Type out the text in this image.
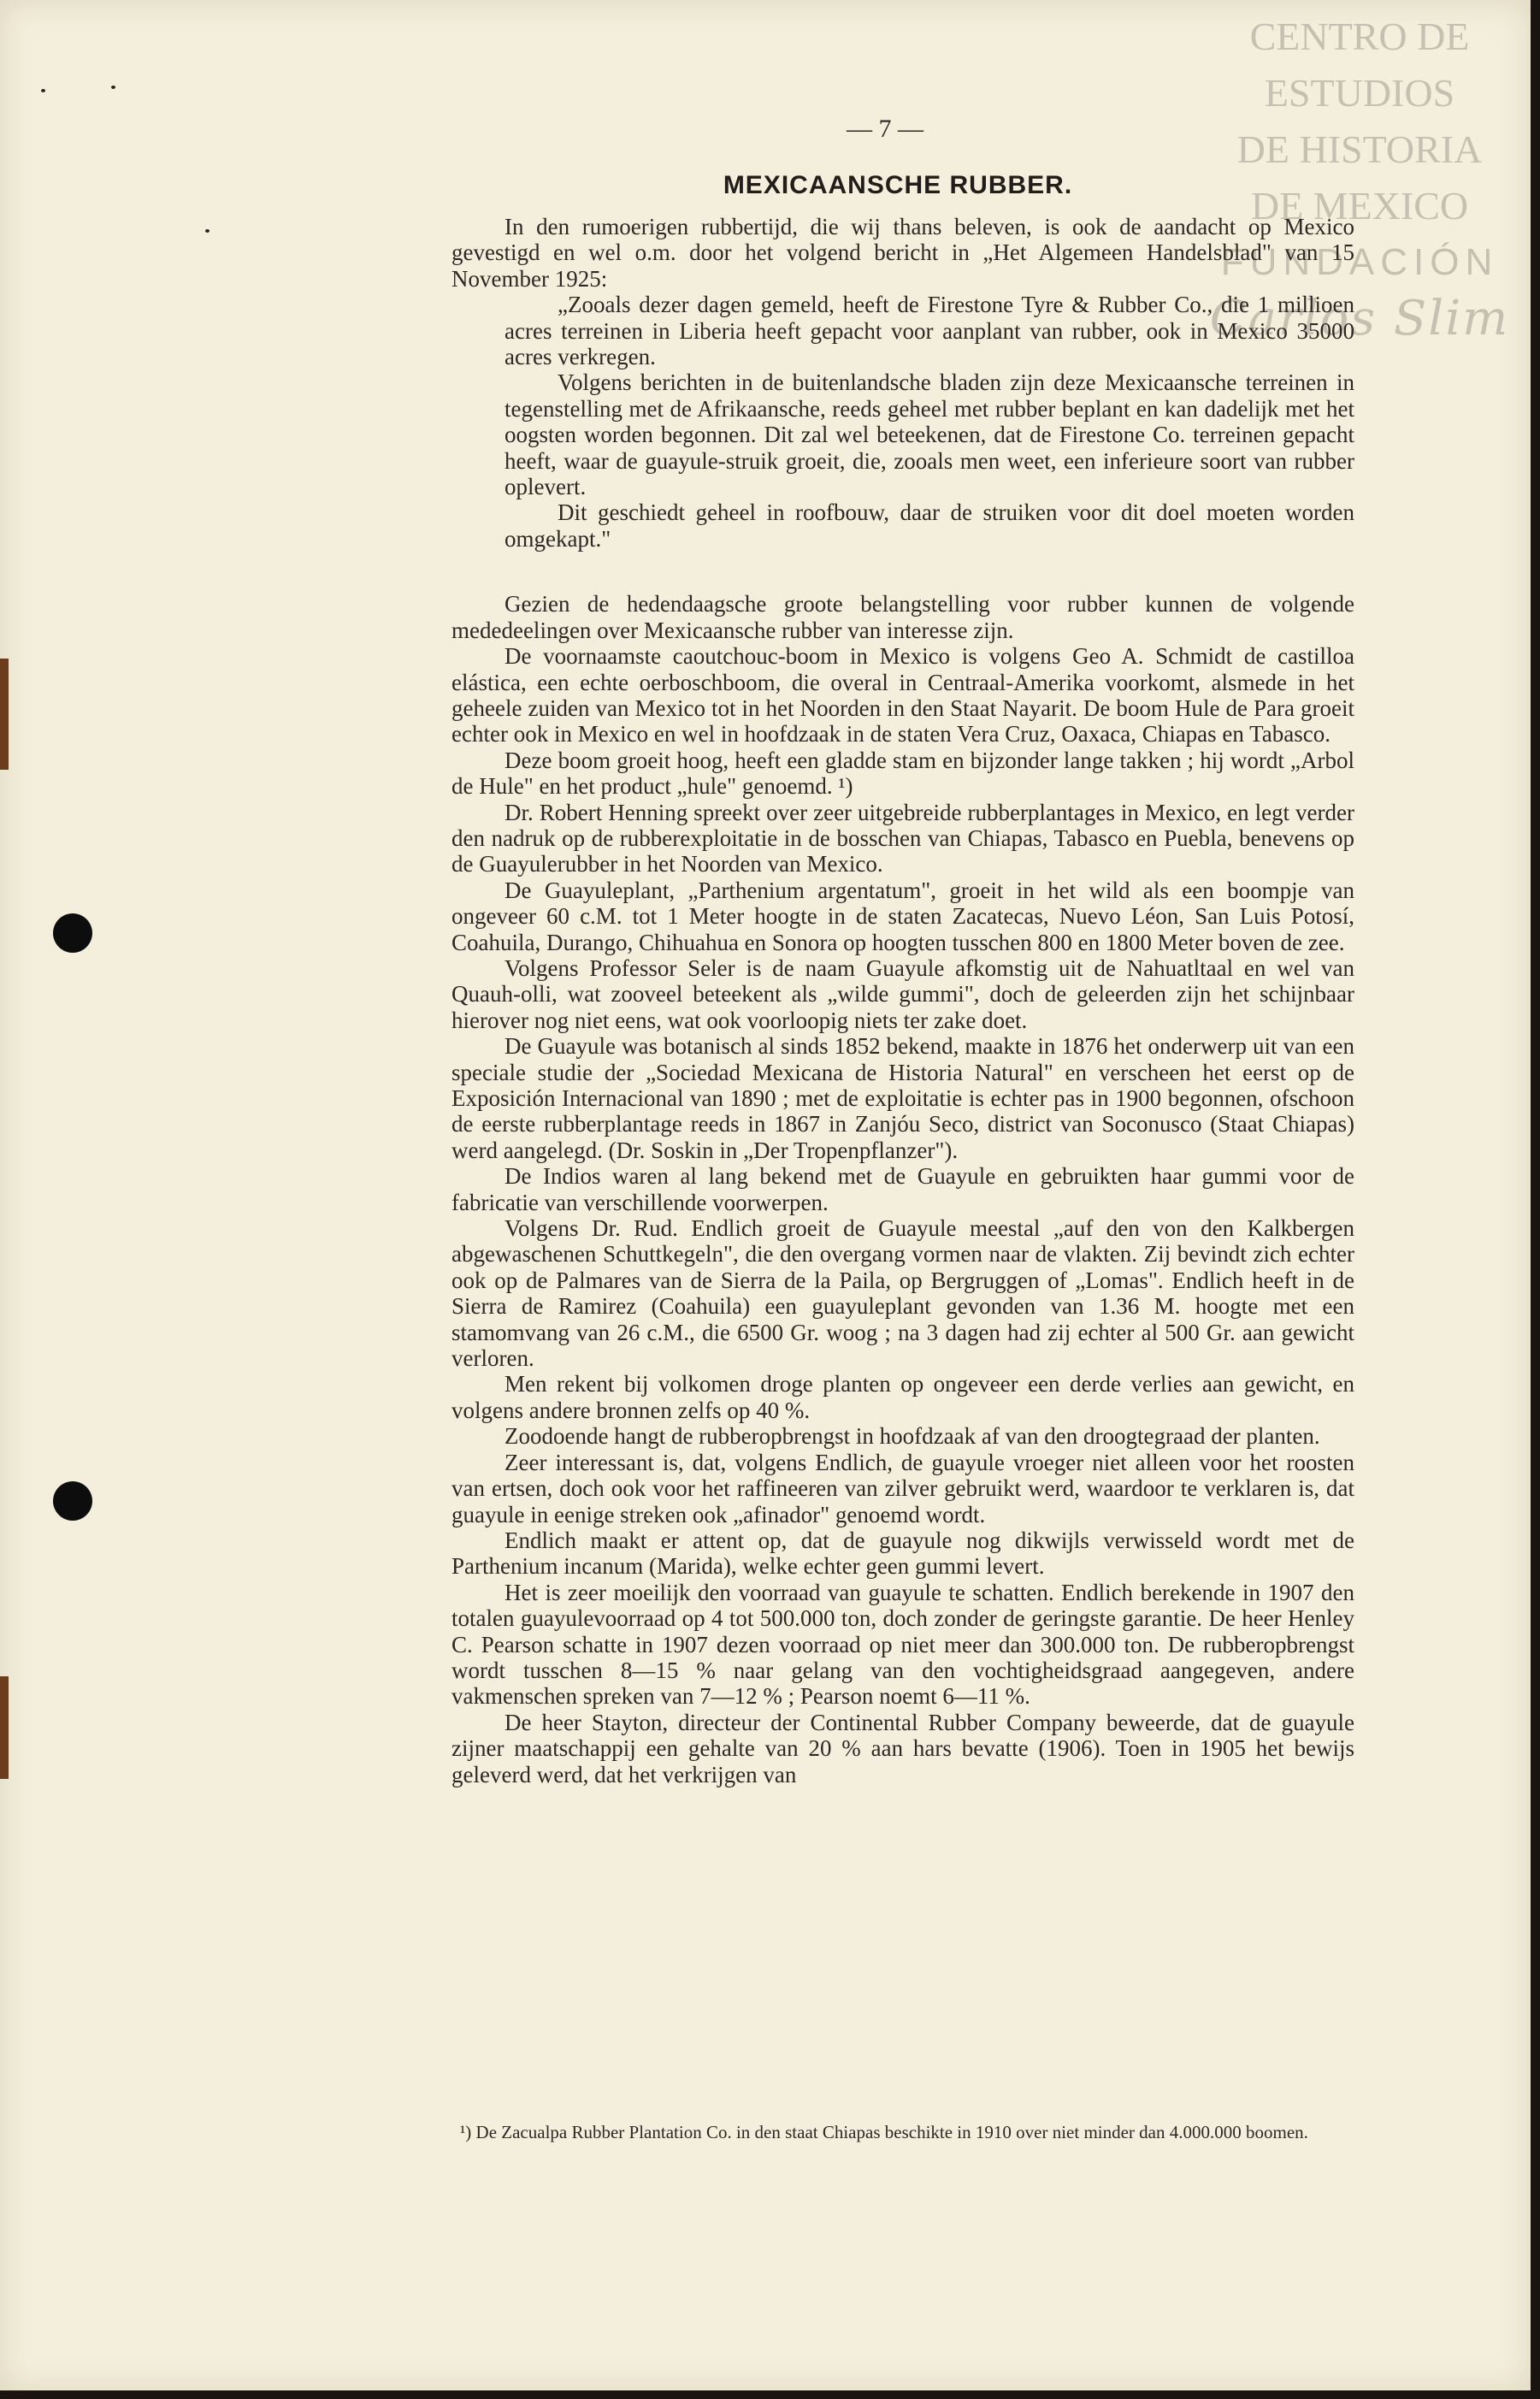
CENTRO DE
ESTUDIOS
DE HISTORIA
DE MEXICO
FUNDACIÓN
Carlos Slim
— 7 —
MEXICAANSCHE RUBBER.

In den rumoerigen rubbertijd, die wij thans beleven, is ook de aandacht op Mexico gevestigd en wel o.m. door het volgend bericht in „Het Algemeen Handelsblad" van 15 November 1925:

„Zooals dezer dagen gemeld, heeft de Firestone Tyre & Rubber Co., die 1 millioen acres terreinen in Liberia heeft gepacht voor aanplant van rubber, ook in Mexico 35000 acres verkregen.

Volgens berichten in de buitenlandsche bladen zijn deze Mexicaansche terreinen in tegenstelling met de Afrikaansche, reeds geheel met rubber beplant en kan dadelijk met het oogsten worden begonnen. Dit zal wel beteekenen, dat de Firestone Co. terreinen gepacht heeft, waar de guayule-struik groeit, die, zooals men weet, een inferieure soort van rubber oplevert.

Dit geschiedt geheel in roofbouw, daar de struiken voor dit doel moeten worden omgekapt."

Gezien de hedendaagsche groote belangstelling voor rubber kunnen de volgende mededeelingen over Mexicaansche rubber van interesse zijn.

De voornaamste caoutchouc-boom in Mexico is volgens Geo A. Schmidt de castilloa elástica, een echte oerboschboom, die overal in Centraal-Amerika voorkomt, alsmede in het geheele zuiden van Mexico tot in het Noorden in den Staat Nayarit. De boom Hule de Para groeit echter ook in Mexico en wel in hoofdzaak in de staten Vera Cruz, Oaxaca, Chiapas en Tabasco.

Deze boom groeit hoog, heeft een gladde stam en bijzonder lange takken ; hij wordt „Arbol de Hule" en het product „hule" genoemd. ¹)

Dr. Robert Henning spreekt over zeer uitgebreide rubberplantages in Mexico, en legt verder den nadruk op de rubberexploitatie in de bosschen van Chiapas, Tabasco en Puebla, benevens op de Guayulerubber in het Noorden van Mexico.

De Guayuleplant, „Parthenium argentatum", groeit in het wild als een boompje van ongeveer 60 c.M. tot 1 Meter hoogte in de staten Zacatecas, Nuevo Léon, San Luis Potosí, Coahuila, Durango, Chihuahua en Sonora op hoogten tusschen 800 en 1800 Meter boven de zee.

Volgens Professor Seler is de naam Guayule afkomstig uit de Nahuatltaal en wel van Quauh-olli, wat zooveel beteekent als „wilde gummi", doch de geleerden zijn het schijnbaar hierover nog niet eens, wat ook voorloopig niets ter zake doet.

De Guayule was botanisch al sinds 1852 bekend, maakte in 1876 het onderwerp uit van een speciale studie der „Sociedad Mexicana de Historia Natural" en verscheen het eerst op de Exposición Internacional van 1890 ; met de exploitatie is echter pas in 1900 begonnen, ofschoon de eerste rubberplantage reeds in 1867 in Zanjóu Seco, district van Soconusco (Staat Chiapas) werd aangelegd. (Dr. Soskin in „Der Tropenpflanzer").

De Indios waren al lang bekend met de Guayule en gebruikten haar gummi voor de fabricatie van verschillende voorwerpen.

Volgens Dr. Rud. Endlich groeit de Guayule meestal „auf den von den Kalkbergen abgewaschenen Schuttkegeln", die den overgang vormen naar de vlakten. Zij bevindt zich echter ook op de Palmares van de Sierra de la Paila, op Bergruggen of „Lomas". Endlich heeft in de Sierra de Ramirez (Coahuila) een guayuleplant gevonden van 1.36 M. hoogte met een stamomvang van 26 c.M., die 6500 Gr. woog ; na 3 dagen had zij echter al 500 Gr. aan gewicht verloren.

Men rekent bij volkomen droge planten op ongeveer een derde verlies aan gewicht, en volgens andere bronnen zelfs op 40 %.

Zoodoende hangt de rubberopbrengst in hoofdzaak af van den droogtegraad der planten.

Zeer interessant is, dat, volgens Endlich, de guayule vroeger niet alleen voor het roosten van ertsen, doch ook voor het raffineeren van zilver gebruikt werd, waardoor te verklaren is, dat guayule in eenige streken ook „afinador" genoemd wordt.

Endlich maakt er attent op, dat de guayule nog dikwijls verwisseld wordt met de Parthenium incanum (Marida), welke echter geen gummi levert.

Het is zeer moeilijk den voorraad van guayule te schatten. Endlich berekende in 1907 den totalen guayulevoorraad op 4 tot 500.000 ton, doch zonder de geringste garantie. De heer Henley C. Pearson schatte in 1907 dezen voorraad op niet meer dan 300.000 ton. De rubberopbrengst wordt tusschen 8—15 % naar gelang van den vochtigheidsgraad aangegeven, andere vakmenschen spreken van 7—12 % ; Pearson noemt 6—11 %.

De heer Stayton, directeur der Continental Rubber Company beweerde, dat de guayule zijner maatschappij een gehalte van 20 % aan hars bevatte (1906). Toen in 1905 het bewijs geleverd werd, dat het verkrijgen van

¹) De Zacualpa Rubber Plantation Co. in den staat Chiapas beschikte in 1910 over niet minder dan 4.000.000 boomen.
